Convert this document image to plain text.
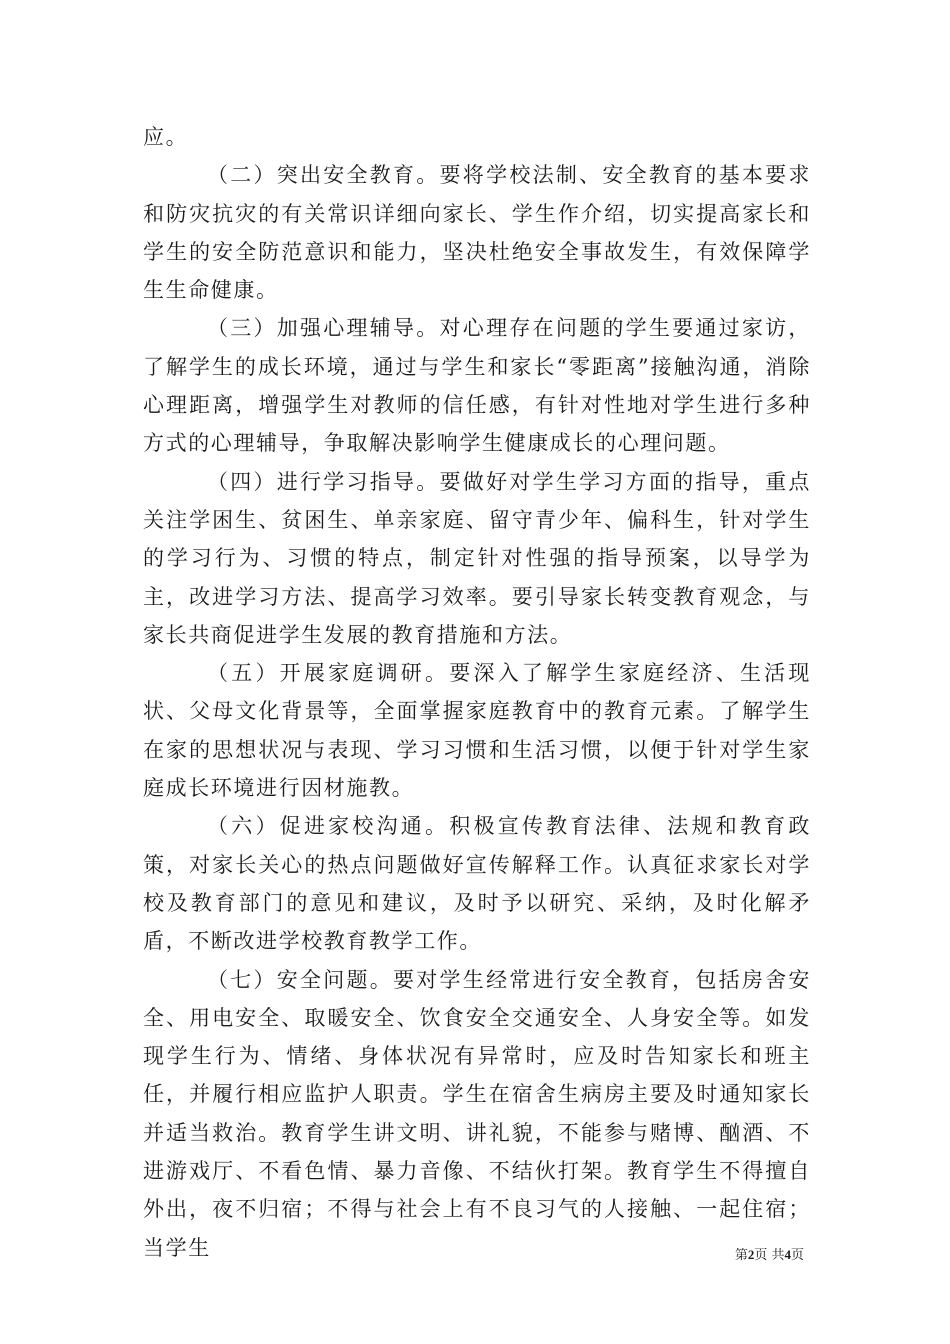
应。

（二）突出安全教育。要将学校法制、安全教育的基本要求和防灾抗灾的有关常识详细向家长、学生作介绍，切实提高家长和学生的安全防范意识和能力，坚决杜绝安全事故发生，有效保障学生生命健康。

（三）加强心理辅导。对心理存在问题的学生要通过家访，了解学生的成长环境，通过与学生和家长“零距离”接触沟通，消除心理距离，增强学生对教师的信任感，有针对性地对学生进行多种方式的心理辅导，争取解决影响学生健康成长的心理问题。

（四）进行学习指导。要做好对学生学习方面的指导，重点关注学困生、贫困生、单亲家庭、留守青少年、偏科生，针对学生的学习行为、习惯的特点，制定针对性强的指导预案，以导学为主，改进学习方法、提高学习效率。要引导家长转变教育观念，与家长共商促进学生发展的教育措施和方法。

（五）开展家庭调研。要深入了解学生家庭经济、生活现状、父母文化背景等，全面掌握家庭教育中的教育元素。了解学生在家的思想状况与表现、学习习惯和生活习惯，以便于针对学生家庭成长环境进行因材施教。

（六）促进家校沟通。积极宣传教育法律、法规和教育政策，对家长关心的热点问题做好宣传解释工作。认真征求家长对学校及教育部门的意见和建议，及时予以研究、采纳，及时化解矛盾，不断改进学校教育教学工作。

（七）安全问题。要对学生经常进行安全教育，包括房舍安全、用电安全、取暖安全、饮食安全交通安全、人身安全等。如发现学生行为、情绪、身体状况有异常时，应及时告知家长和班主任，并履行相应监护人职责。学生在宿舍生病房主要及时通知家长并适当救治。教育学生讲文明、讲礼貌，不能参与赌博、酗酒、不进游戏厅、不看色情、暴力音像、不结伙打架。教育学生不得擅自外出，夜不归宿；不得与社会上有不良习气的人接触、一起住宿；当学生	第2页 共4页
